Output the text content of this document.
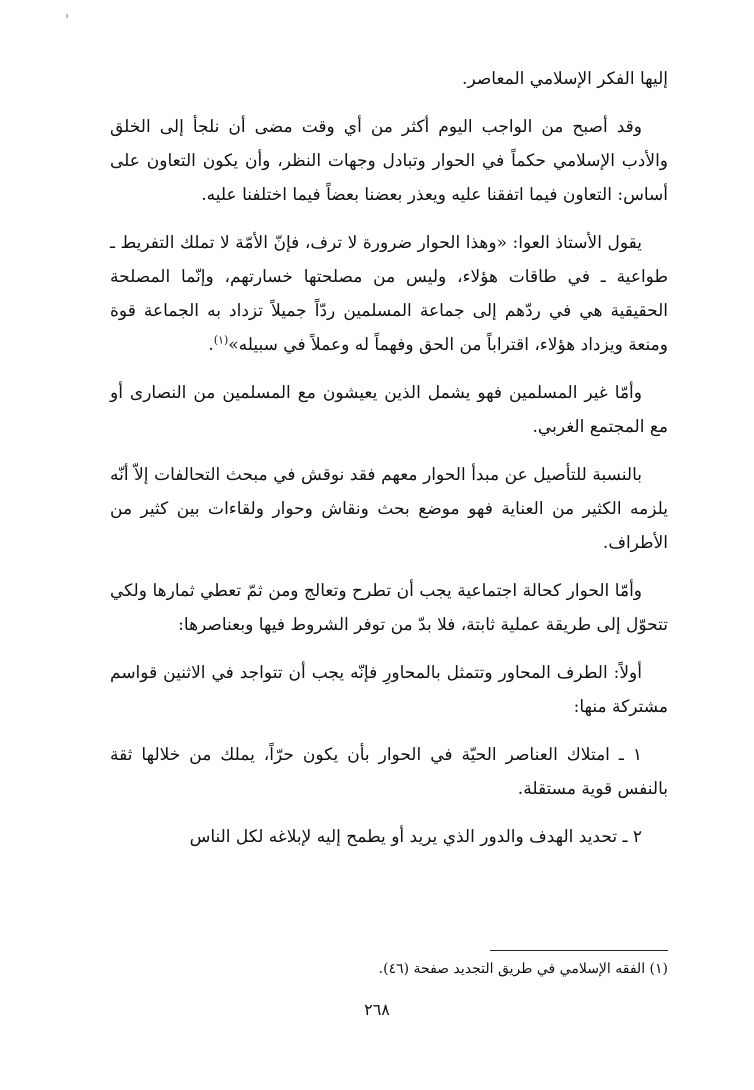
إليها الفكر الإسلامي المعاصر.

وقد أصبح من الواجب اليوم أكثر من أي وقت مضى أن نلجأ إلى الخلق والأدب الإسلامي حكماً في الحوار وتبادل وجهات النظر، وأن يكون التعاون على أساس: التعاون فيما اتفقنا عليه ويعذر بعضنا بعضاً فيما اختلفنا عليه.

يقول الأستاذ العوا: «وهذا الحوار ضرورة لا ترف، فإنّ الأمّة لا تملك التفريط ـ طواعية ـ في طاقات هؤلاء، وليس من مصلحتها خسارتهم، وإنّما المصلحة الحقيقية هي في ردّهم إلى جماعة المسلمين ردّاً جميلاً تزداد به الجماعة قوة ومنعة ويزداد هؤلاء، اقتراباً من الحق وفهماً له وعملاً في سبيله»$^{(١)}$.

وأمّا غير المسلمين فهو يشمل الذين يعيشون مع المسلمين من النصارى أو مع المجتمع الغربي.

بالنسبة للتأصيل عن مبدأ الحوار معهم فقد نوقش في مبحث التحالفات إلاّ أنّه يلزمه الكثير من العناية فهو موضع بحث ونقاش وحوار ولقاءات بين كثير من الأطراف.

وأمّا الحوار كحالة اجتماعية يجب أن تطرح وتعالج ومن ثمّ تعطي ثمارها ولكي تتحوّل إلى طريقة عملية ثابتة، فلا بدّ من توفر الشروط فيها وبعناصرها:

أولاً: الطرف المحاور وتتمثل بالمحاورِ فإنّه يجب أن تتواجد في الاثنين قواسم مشتركة منها:

١ ـ امتلاك العناصر الحيّة في الحوار بأن يكون حرّاً، يملك من خلالها ثقة بالنفس قوية مستقلة.

٢ ـ تحديد الهدف والدور الذي يريد أو يطمح إليه لإبلاغه لكل الناس

(١) الفقه الإسلامي في طريق التجديد صفحة (٤٦).
٢٦٨
